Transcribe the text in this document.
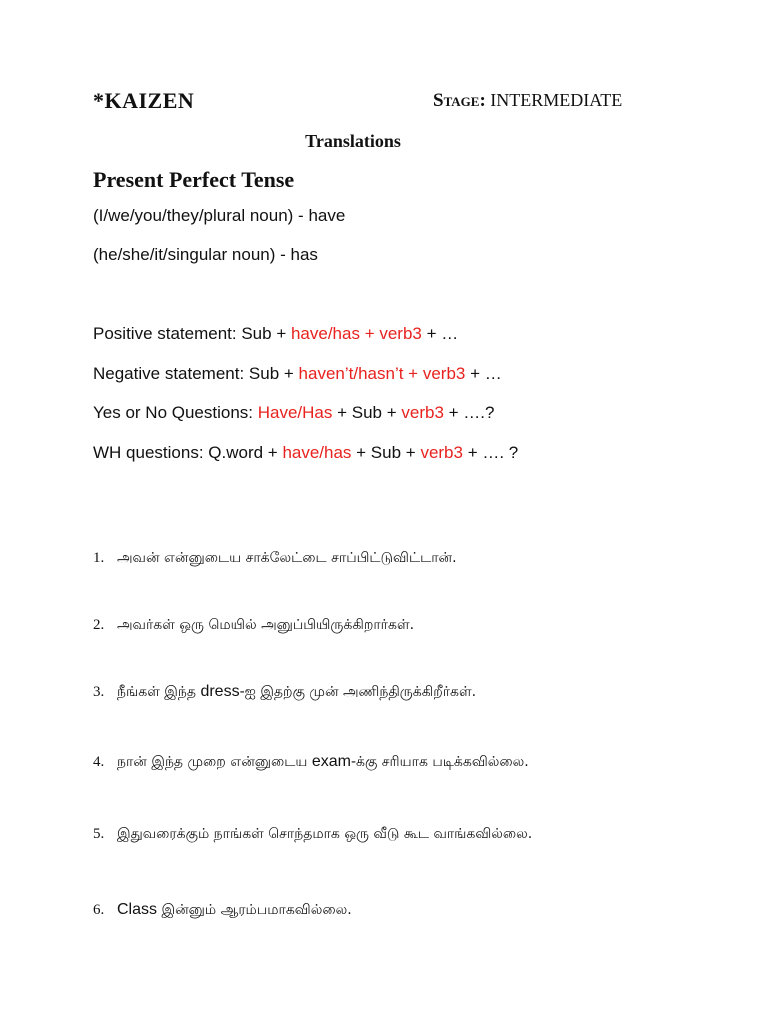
*KAIZEN	Stage: INTERMEDIATE
Translations
Present Perfect Tense
(I/we/you/they/plural noun) - have
(he/she/it/singular noun) - has
Positive statement: Sub + have/has + verb3 + …
Negative statement: Sub + haven’t/hasn’t + verb3 + …
Yes or No Questions: Have/Has + Sub + verb3 + ….?
WH questions: Q.word + have/has + Sub + verb3 + …. ?
1. அவன் என்னுடைய சாக்லேட்டை சாப்பிட்டுவிட்டான்.
2. அவர்கள் ஒரு மெயில் அனுப்பியிருக்கிறார்கள்.
3. நீங்கள் இந்த dress-ஐ இதற்கு முன் அணிந்திருக்கிறீர்கள்.
4. நான் இந்த முறை என்னுடைய exam-க்கு சரியாக படிக்கவில்லை.
5. இதுவரைக்கும் நாங்கள் சொந்தமாக ஒரு வீடு கூட வாங்கவில்லை.
6. Class இன்னும் ஆரம்பமாகவில்லை.
